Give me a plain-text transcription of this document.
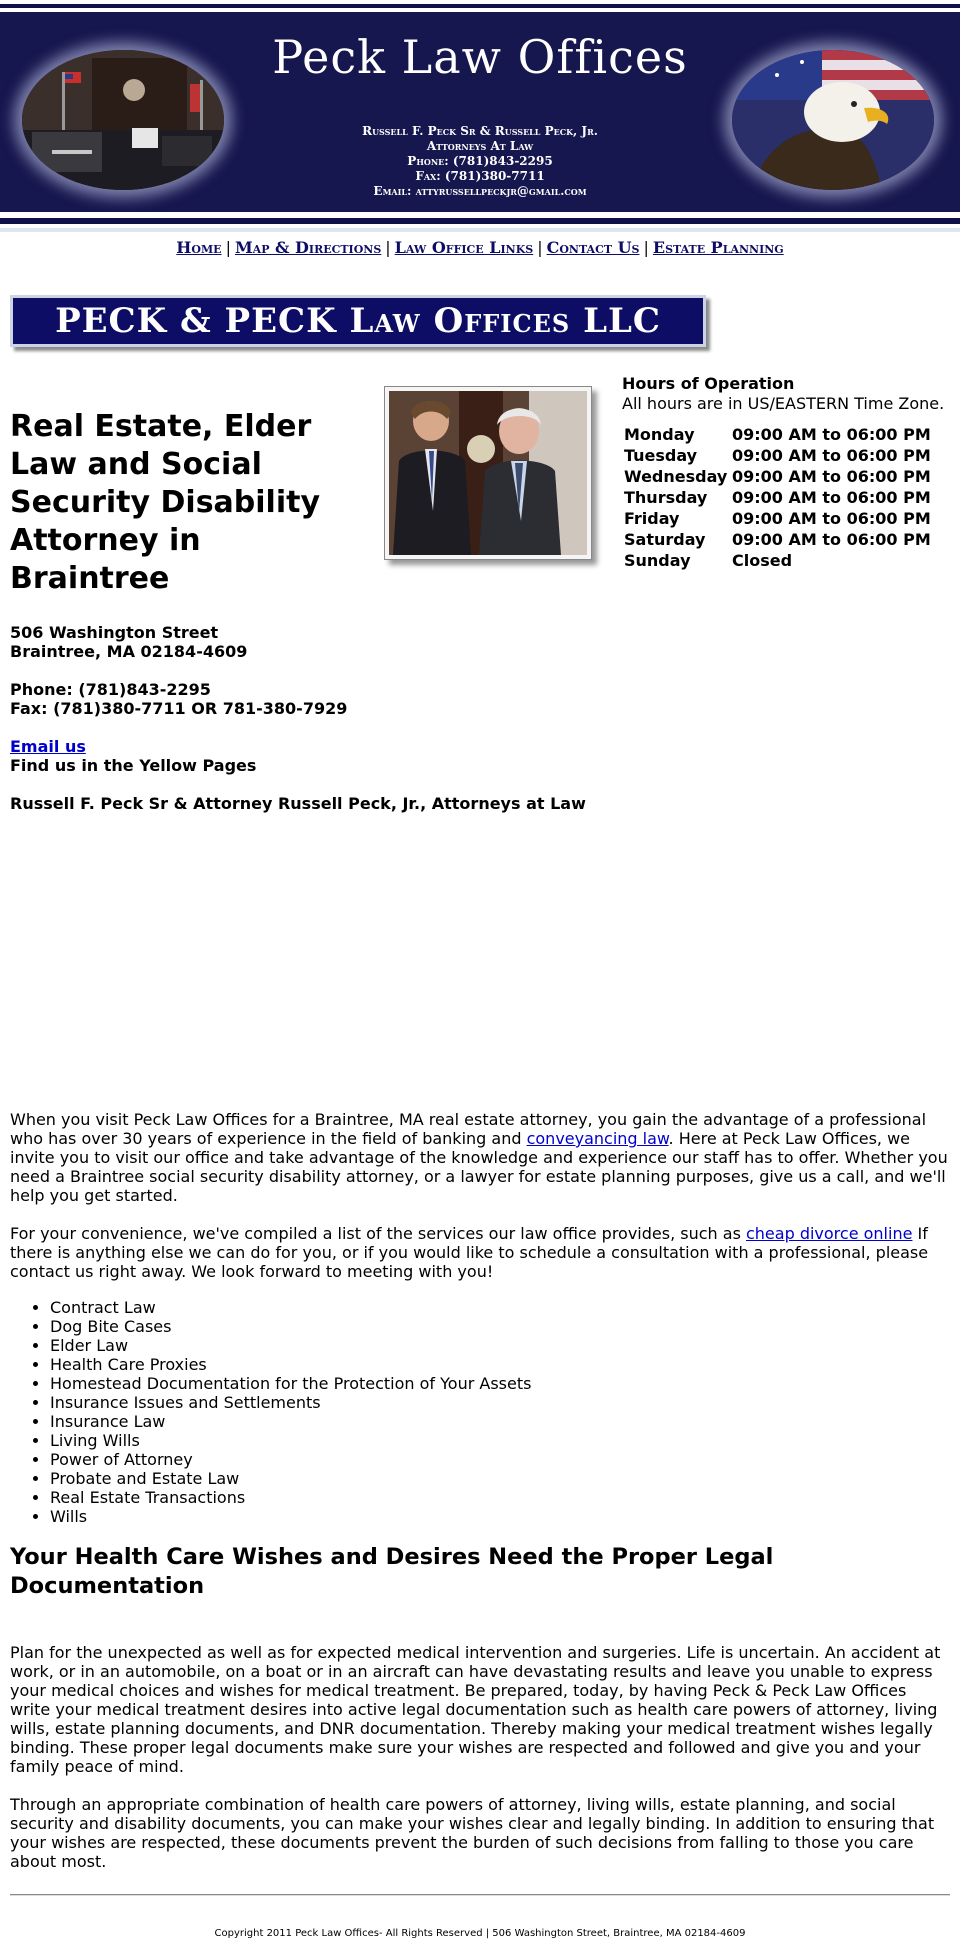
Peck Law Offices
Russell F. Peck Sr & Russell Peck, Jr.
Attorneys At Law
Phone: (781)843-2295
Fax: (781)380-7711
Email: attyrussellpeckjr@gmail.com
Home | Map & Directions | Law Office Links | Contact Us | Estate Planning
PECK & PECK Law Offices LLC
Real Estate, Elder Law and Social Security Disability Attorney in Braintree
Hours of Operation
All hours are in US/EASTERN Time Zone.
Monday	09:00 AM to 06:00 PM
Tuesday	09:00 AM to 06:00 PM
Wednesday	09:00 AM to 06:00 PM
Thursday	09:00 AM to 06:00 PM
Friday	09:00 AM to 06:00 PM
Saturday	09:00 AM to 06:00 PM
Sunday	Closed

506 Washington Street

Braintree, MA 02184-4609

Phone: (781)843-2295

Fax: (781)380-7711 OR 781-380-7929

Email us

Find us in the Yellow Pages

Russell F. Peck Sr & Attorney Russell Peck, Jr., Attorneys at Law

When you visit Peck Law Offices for a Braintree, MA real estate attorney, you gain the advantage of a professional who has over 30 years of experience in the field of banking and conveyancing law. Here at Peck Law Offices, we invite you to visit our office and take advantage of the knowledge and experience our staff has to offer. Whether you need a Braintree social security disability attorney, or a lawyer for estate planning purposes, give us a call, and we'll help you get started.

For your convenience, we've compiled a list of the services our law office provides, such as cheap divorce online If there is anything else we can do for you, or if you would like to schedule a consultation with a professional, please contact us right away. We look forward to meeting with you!

• Contract Law
• Dog Bite Cases
• Elder Law
• Health Care Proxies
• Homestead Documentation for the Protection of Your Assets
• Insurance Issues and Settlements
• Insurance Law
• Living Wills
• Power of Attorney
• Probate and Estate Law
• Real Estate Transactions
• Wills
Your Health Care Wishes and Desires Need the Proper Legal Documentation

Plan for the unexpected as well as for expected medical intervention and surgeries. Life is uncertain. An accident at work, or in an automobile, on a boat or in an aircraft can have devastating results and leave you unable to express your medical choices and wishes for medical treatment. Be prepared, today, by having Peck & Peck Law Offices write your medical treatment desires into active legal documentation such as health care powers of attorney, living wills, estate planning documents, and DNR documentation. Thereby making your medical treatment wishes legally binding. These proper legal documents make sure your wishes are respected and followed and give you and your family peace of mind.

Through an appropriate combination of health care powers of attorney, living wills, estate planning, and social security and disability documents, you can make your wishes clear and legally binding. In addition to ensuring that your wishes are respected, these documents prevent the burden of such decisions from falling to those you care about most.

Copyright 2011 Peck Law Offices- All Rights Reserved | 506 Washington Street, Braintree, MA 02184-4609
